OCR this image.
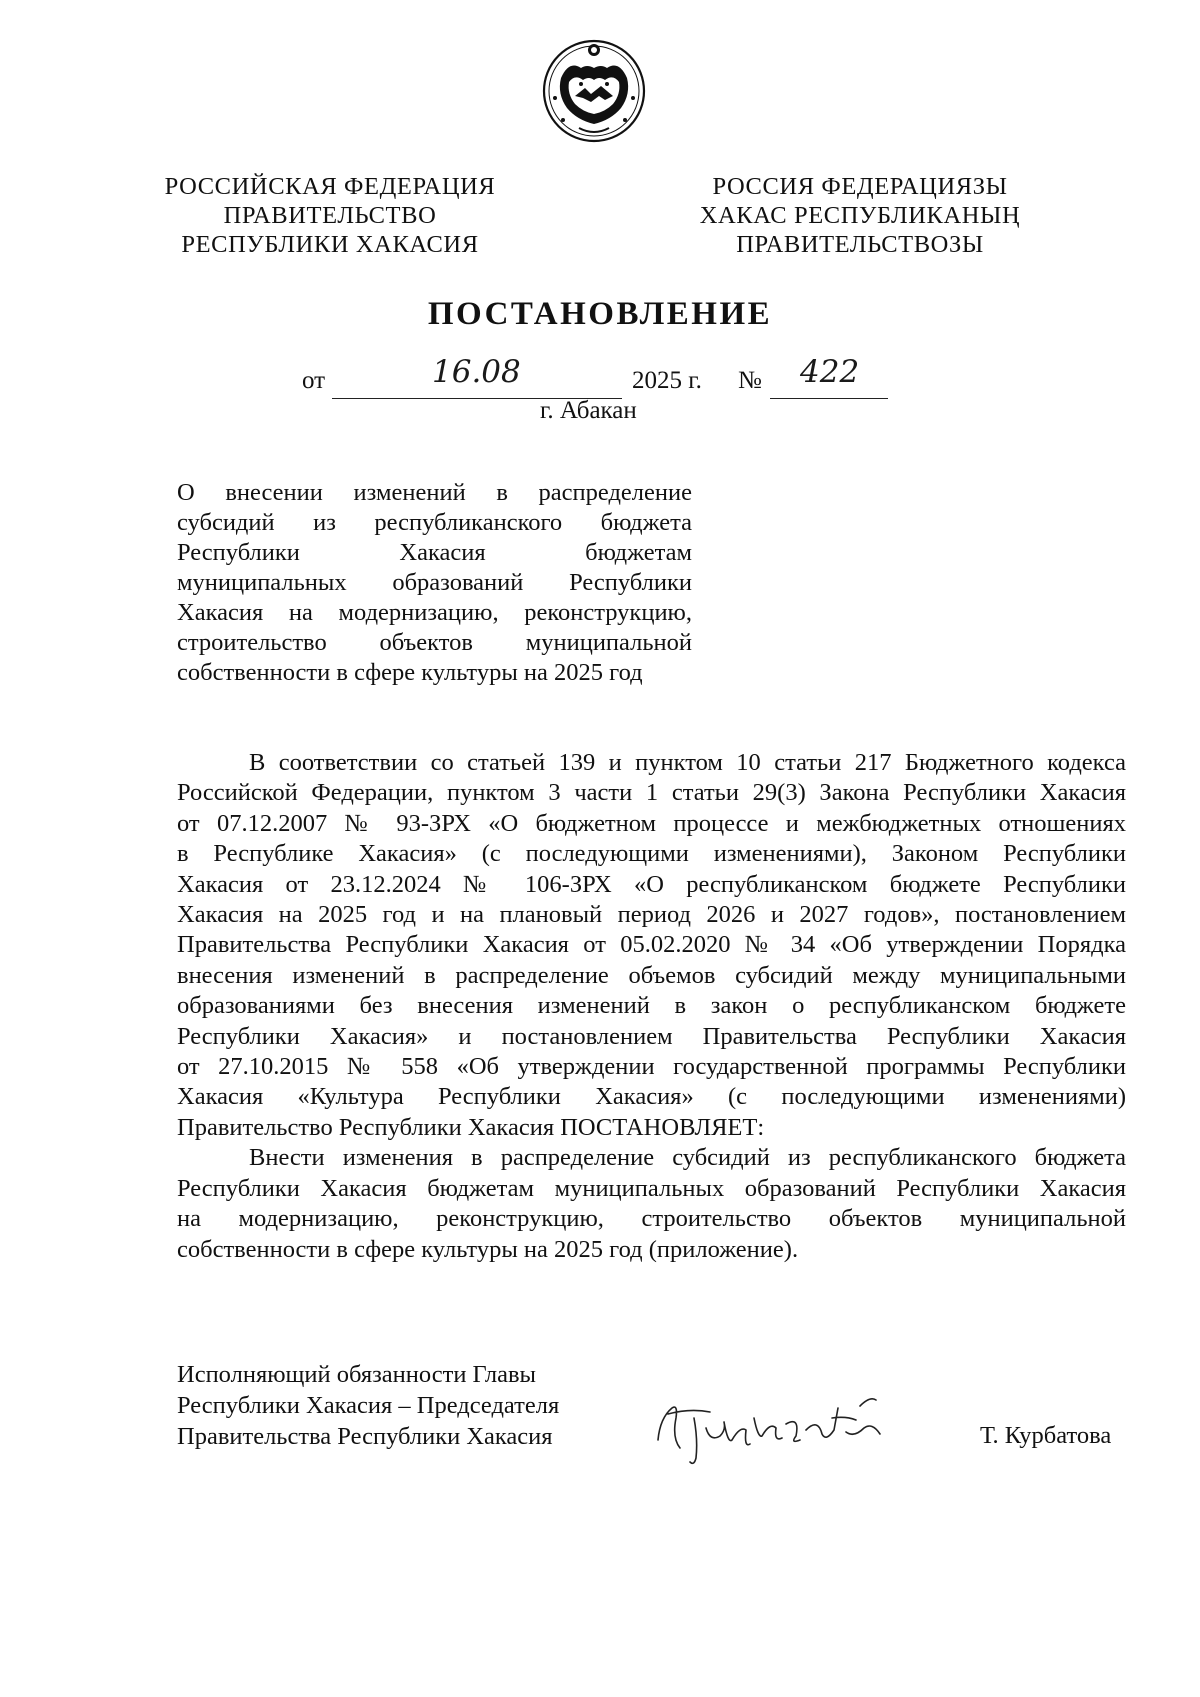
РОССИЙСКАЯ ФЕДЕРАЦИЯ
ПРАВИТЕЛЬСТВО
РЕСПУБЛИКИ ХАКАСИЯ
РОССИЯ ФЕДЕРАЦИЯЗЫ
ХАКАС РЕСПУБЛИКАНЫҢ
ПРАВИТЕЛЬСТВОЗЫ
ПОСТАНОВЛЕНИЕ
от	16.08	2025 г. № 422
г. Абакан
О внесении изменений в распределение
субсидий из республиканского бюджета
Республики Хакасия бюджетам
муниципальных образований Республики
Хакасия на модернизацию, реконструкцию,
строительство объектов муниципальной
собственности в сфере культуры на 2025 год
В соответствии со статьей 139 и пунктом 10 статьи 217 Бюджетного кодекса
Российской Федерации, пунктом 3 части 1 статьи 29(3) Закона Республики Хакасия
от 07.12.2007 № 93-ЗРХ «О бюджетном процессе и межбюджетных отношениях
в Республике Хакасия» (с последующими изменениями), Законом Республики
Хакасия от 23.12.2024 № 106-ЗРХ «О республиканском бюджете Республики
Хакасия на 2025 год и на плановый период 2026 и 2027 годов», постановлением
Правительства Республики Хакасия от 05.02.2020 № 34 «Об утверждении Порядка
внесения изменений в распределение объемов субсидий между муниципальными
образованиями без внесения изменений в закон о республиканском бюджете
Республики Хакасия» и постановлением Правительства Республики Хакасия
от 27.10.2015 № 558 «Об утверждении государственной программы Республики
Хакасия «Культура Республики Хакасия» (с последующими изменениями)
Правительство Республики Хакасия ПОСТАНОВЛЯЕТ:
Внести изменения в распределение субсидий из республиканского бюджета
Республики Хакасия бюджетам муниципальных образований Республики Хакасия
на модернизацию, реконструкцию, строительство объектов муниципальной
собственности в сфере культуры на 2025 год (приложение).
Исполняющий обязанности Главы
Республики Хакасия – Председателя
Правительства Республики Хакасия	Т. Курбатова
